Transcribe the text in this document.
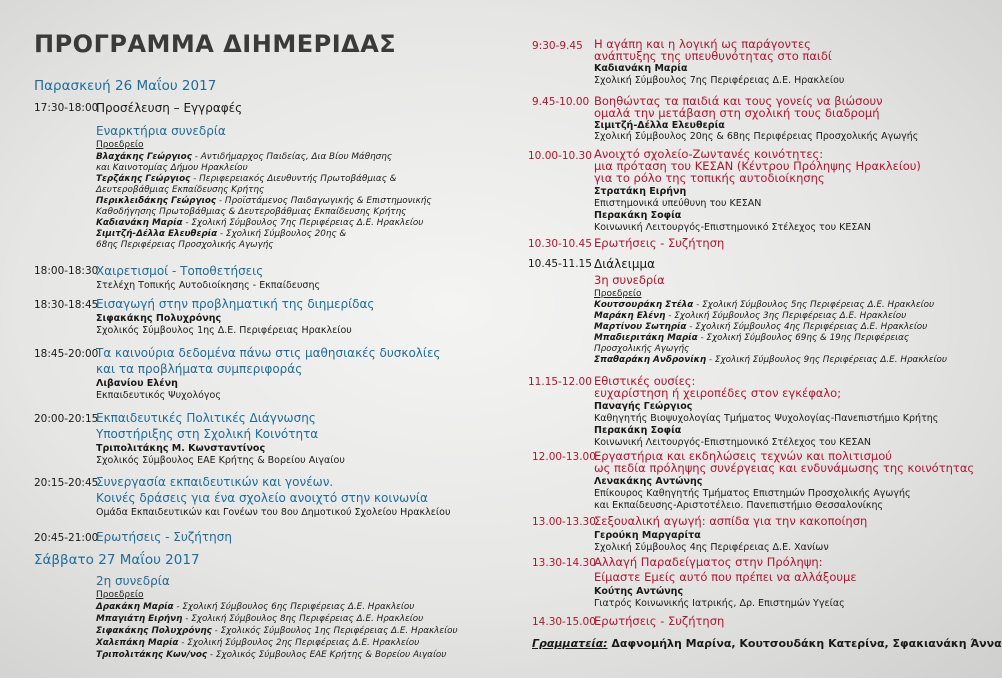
ΠΡΟΓΡΑΜΜΑ ΔΙΗΜΕΡΙΔΑΣ
Παρασκευή 26 Μαΐου 2017
17:30-18:00
Προσέλευση – Εγγραφές
Εναρκτήρια συνεδρία
Προεδρείο
Βλαχάκης Γεώργιος - Αντιδήμαρχος Παιδείας, Δια Βίου Μάθησης
και Καινοτομίας Δήμου Ηρακλείου
Τερζάκης Γεώργιος - Περιφερειακός Διευθυντής Πρωτοβάθμιας &
Δευτεροβάθμιας Εκπαίδευσης Κρήτης
Περικλειδάκης Γεώργιος - Προϊστάμενος Παιδαγωγικής & Επιστημονικής
Καθοδήγησης Πρωτοβάθμιας & Δευτεροβάθμιας Εκπαίδευσης Κρήτης
Καδιανάκη Μαρία - Σχολική Σύμβουλος 7ης Περιφέρειας Δ.Ε. Ηρακλείου
Σιμιτζή-Δέλλα Ελευθερία - Σχολική Σύμβουλος 20ης &
68ης Περιφέρειας Προσχολικής Αγωγής
18:00-18:30
Χαιρετισμοί - Τοποθετήσεις
Στελέχη Τοπικής Αυτοδιοίκησης - Εκπαίδευσης
18:30-18:45
Εισαγωγή στην προβληματική της διημερίδας
Σιφακάκης Πολυχρόνης
Σχολικός Σύμβουλος 1ης Δ.Ε. Περιφέρειας Ηρακλείου
18:45-20:00
Τα καινούρια δεδομένα πάνω στις μαθησιακές δυσκολίες
και τα προβλήματα συμπεριφοράς
Λιβανίου Ελένη
Εκπαιδευτικός Ψυχολόγος
20:00-20:15
Εκπαιδευτικές Πολιτικές Διάγνωσης
Υποστήριξης στη Σχολική Κοινότητα
Τριπολιτάκης Μ. Κωνσταντίνος
Σχολικός Σύμβουλος ΕΑΕ Κρήτης & Βορείου Αιγαίου
20:15-20:45
Συνεργασία εκπαιδευτικών και γονέων.
Κοινές δράσεις για ένα σχολείο ανοιχτό στην κοινωνία
Ομάδα Εκπαιδευτικών και Γονέων του 8ου Δημοτικού Σχολείου Ηρακλείου
20:45-21:00
Ερωτήσεις - Συζήτηση
Σάββατο 27 Μαΐου 2017
2η συνεδρία
Προεδρείο
Δρακάκη Μαρία - Σχολική Σύμβουλος 6ης Περιφέρειας Δ.Ε. Ηρακλείου
Μπαγιάτη Ειρήνη - Σχολική Σύμβουλος 8ης Περιφέρειας Δ.Ε. Ηρακλείου
Σιφακάκης Πολυχρόνης - Σχολικός Σύμβουλος 1ης Περιφέρειας Δ.Ε. Ηρακλείου
Χαλεπάκη Μαρία - Σχολική Σύμβουλος 2ης Περιφέρειας Δ.Ε. Ηρακλείου
Τριπολιτάκης Κων/νος - Σχολικός Σύμβουλος ΕΑΕ Κρήτης & Βορείου Αιγαίου
9:30-9.45 Η αγάπη και η λογική ως παράγοντες
ανάπτυξης της υπευθυνότητας στο παιδί
Καδιανάκη Μαρία
Σχολική Σύμβουλος 7ης Περιφέρειας Δ.Ε. Ηρακλείου
9.45-10.00 Βοηθώντας τα παιδιά και τους γονείς να βιώσουν
ομαλά την μετάβαση στη σχολική τους διαδρομή
Σιμιτζή-Δέλλα Ελευθερία
Σχολική Σύμβουλος 20ης & 68ης Περιφέρειας Προσχολικής Αγωγής
10.00-10.30 Ανοιχτό σχολείο-Ζωντανές κοινότητες:
μια πρόταση του ΚΕΣΑΝ (Κέντρου Πρόληψης Ηρακλείου)
για το ρόλο της τοπικής αυτοδιοίκησης
Στρατάκη Ειρήνη
Επιστημονικά υπεύθυνη του ΚΕΣΑΝ
Περακάκη Σοφία
Κοινωνική Λειτουργός-Επιστημονικό Στέλεχος του ΚΕΣΑΝ
10.30-10.45 Ερωτήσεις - Συζήτηση
10.45-11.15 Διάλειμμα
3η συνεδρία
Προεδρείο
Κουτσουράκη Στέλα - Σχολική Σύμβουλος 5ης Περιφέρειας Δ.Ε. Ηρακλείου
Μαράκη Ελένη - Σχολική Σύμβουλος 3ης Περιφέρειας Δ.Ε. Ηρακλείου
Μαρτίνου Σωτηρία - Σχολική Σύμβουλος 4ης Περιφέρειας Δ.Ε. Ηρακλείου
Μπαδιεριτάκη Μαρία - Σχολική Σύμβουλος 69ης & 19ης Περιφέρειας
Προσχολικής Αγωγής
Σπαθαράκη Ανδρονίκη - Σχολική Σύμβουλος 9ης Περιφέρειας Δ.Ε. Ηρακλείου
11.15-12.00 Εθιστικές ουσίες:
ευχαρίστηση ή χειροπέδες στον εγκέφαλο;
Παναγής Γεώργιος
Καθηγητής Βιοψυχολογίας Τμήματος Ψυχολογίας-Πανεπιστήμιο Κρήτης
Περακάκη Σοφία
Κοινωνική Λειτουργός-Επιστημονικό Στέλεχος του ΚΕΣΑΝ
12.00-13.00
Εργαστήρια και εκδηλώσεις τεχνών και πολιτισμού
ως πεδία πρόληψης συνέργειας και ενδυνάμωσης της κοινότητας
Λενακάκης Αντώνης
Επίκουρος Καθηγητής Τμήματος Επιστημών Προσχολικής Αγωγής
και Εκπαίδευσης-Αριστοτέλειο. Πανεπιστήμιο Θεσσαλονίκης
13.00-13.30
Σεξουαλική αγωγή: ασπίδα για την κακοποίηση
Γερούκη Μαργαρίτα
Σχολική Σύμβουλος 4ης Περιφέρειας Δ.Ε. Χανίων
13.30-14.30
Αλλαγή Παραδείγματος στην Πρόληψη:
Είμαστε Εμείς αυτό που πρέπει να αλλάξουμε
Κούτης Αντώνης
Γιατρός Κοινωνικής Ιατρικής, Δρ. Επιστημών Υγείας
14.30-15.00
Ερωτήσεις - Συζήτηση
Γραμματεία: Δαφνομήλη Μαρίνα, Κουτσουδάκη Κατερίνα, Σφακιανάκη Άννα
